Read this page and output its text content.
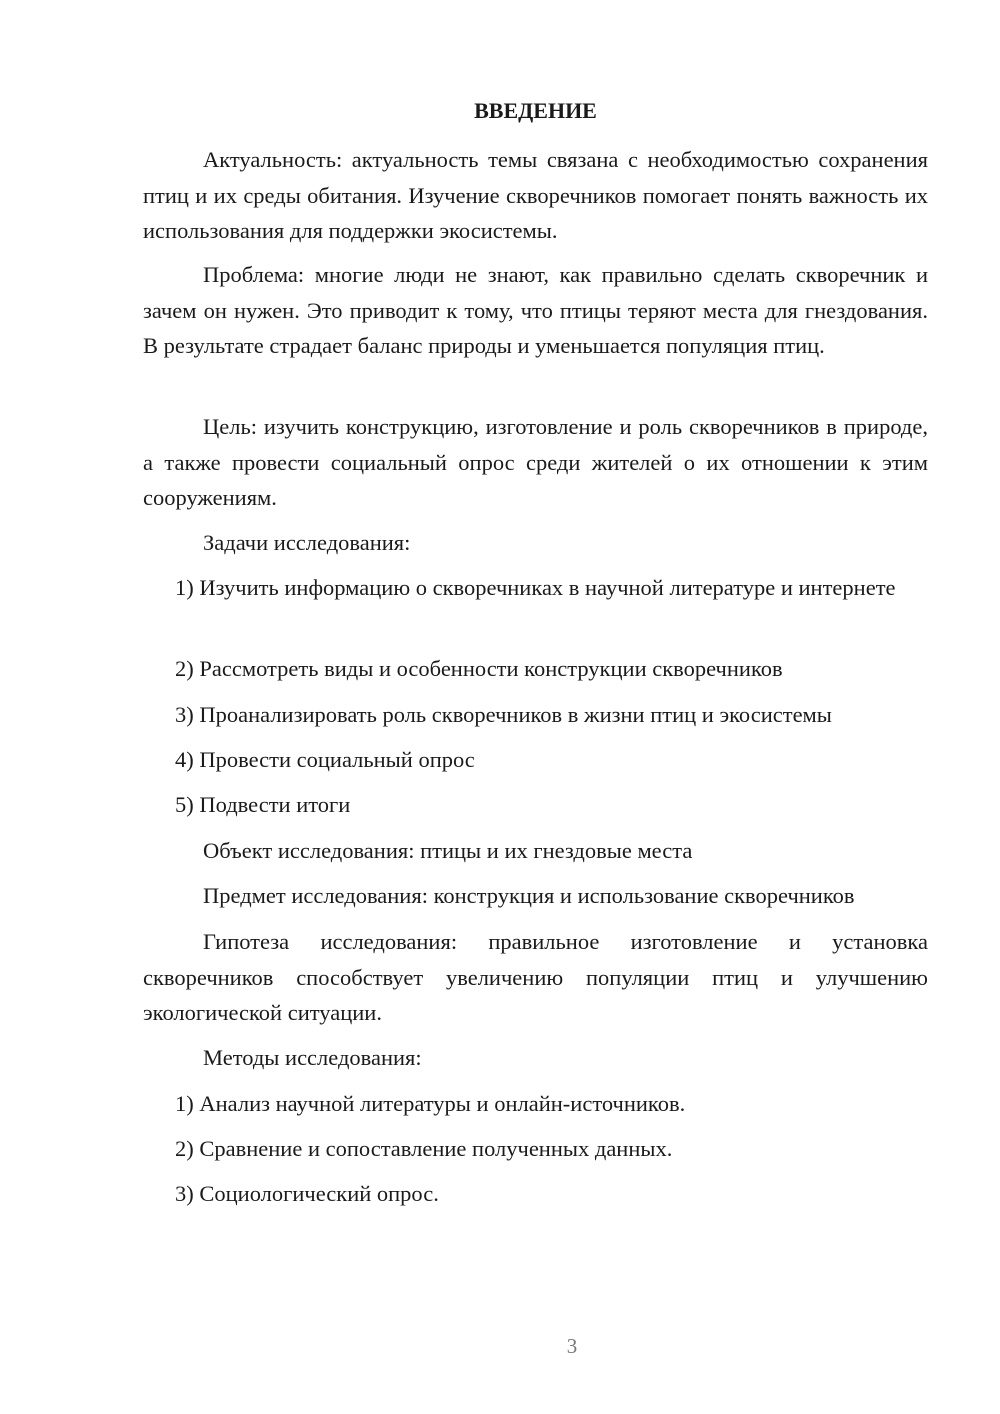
ВВЕДЕНИЕ
Актуальность: актуальность темы связана с необходимостью сохранения птиц и их среды обитания. Изучение скворечников помогает понять важность их использования для поддержки экосистемы.
Проблема: многие люди не знают, как правильно сделать скворечник и зачем он нужен. Это приводит к тому, что птицы теряют места для гнездования. В результате страдает баланс природы и уменьшается популяция птиц.
Цель: изучить конструкцию, изготовление и роль скворечников в природе, а также провести социальный опрос среди жителей о их отношении к этим сооружениям.
Задачи исследования:
1) Изучить информацию о скворечниках в научной литературе и интернете
2) Рассмотреть виды и особенности конструкции скворечников
3) Проанализировать роль скворечников в жизни птиц и экосистемы
4) Провести социальный опрос
5) Подвести итоги
Объект исследования: птицы и их гнездовые места
Предмет исследования: конструкция и использование скворечников
Гипотеза исследования: правильное изготовление и установка скворечников способствует увеличению популяции птиц и улучшению экологической ситуации.
Методы исследования:
1) Анализ научной литературы и онлайн-источников.
2) Сравнение и сопоставление полученных данных.
3) Социологический опрос.
3
